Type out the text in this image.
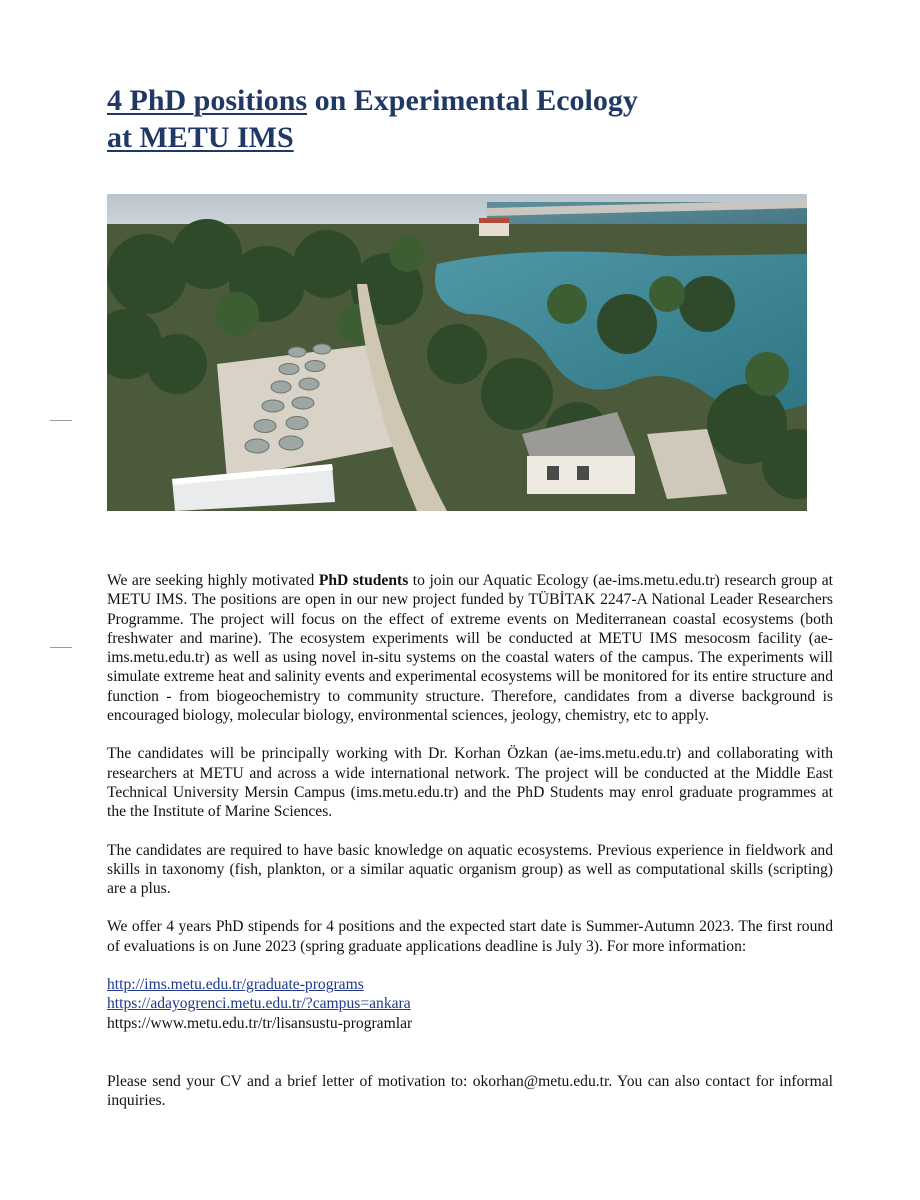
4 PhD positions on Experimental Ecology
at METU IMS

We are seeking highly motivated PhD students to join our Aquatic Ecology (ae-ims.metu.edu.tr) research group at METU IMS. The positions are open in our new project funded by TÜBİTAK 2247-A National Leader Researchers Programme. The project will focus on the effect of extreme events on Mediterranean coastal ecosystems (both freshwater and marine). The ecosystem experiments will be conducted at METU IMS mesocosm facility (ae-ims.metu.edu.tr) as well as using novel in-situ systems on the coastal waters of the campus. The experiments will simulate extreme heat and salinity events and experimental ecosystems will be monitored for its entire structure and function - from biogeochemistry to community structure. Therefore, candidates from a diverse background is encouraged biology, molecular biology, environmental sciences, jeology, chemistry, etc to apply.

The candidates will be principally working with Dr. Korhan Özkan (ae-ims.metu.edu.tr) and collaborating with researchers at METU and across a wide international network. The project will be conducted at the Middle East Technical University Mersin Campus (ims.metu.edu.tr) and the PhD Students may enrol graduate programmes at the the Institute of Marine Sciences.

The candidates are required to have basic knowledge on aquatic ecosystems. Previous experience in fieldwork and skills in taxonomy (fish, plankton, or a similar aquatic organism group) as well as computational skills (scripting) are a plus.

We offer 4 years PhD stipends for 4 positions and the expected start date is Summer-Autumn 2023. The first round of evaluations is on June 2023 (spring graduate applications deadline is July 3). For more information:

http://ims.metu.edu.tr/graduate-programs
https://adayogrenci.metu.edu.tr/?campus=ankara
https://www.metu.edu.tr/tr/lisansustu-programlar

Please send your CV and a brief letter of motivation to: okorhan@metu.edu.tr. You can also contact for informal inquiries.
